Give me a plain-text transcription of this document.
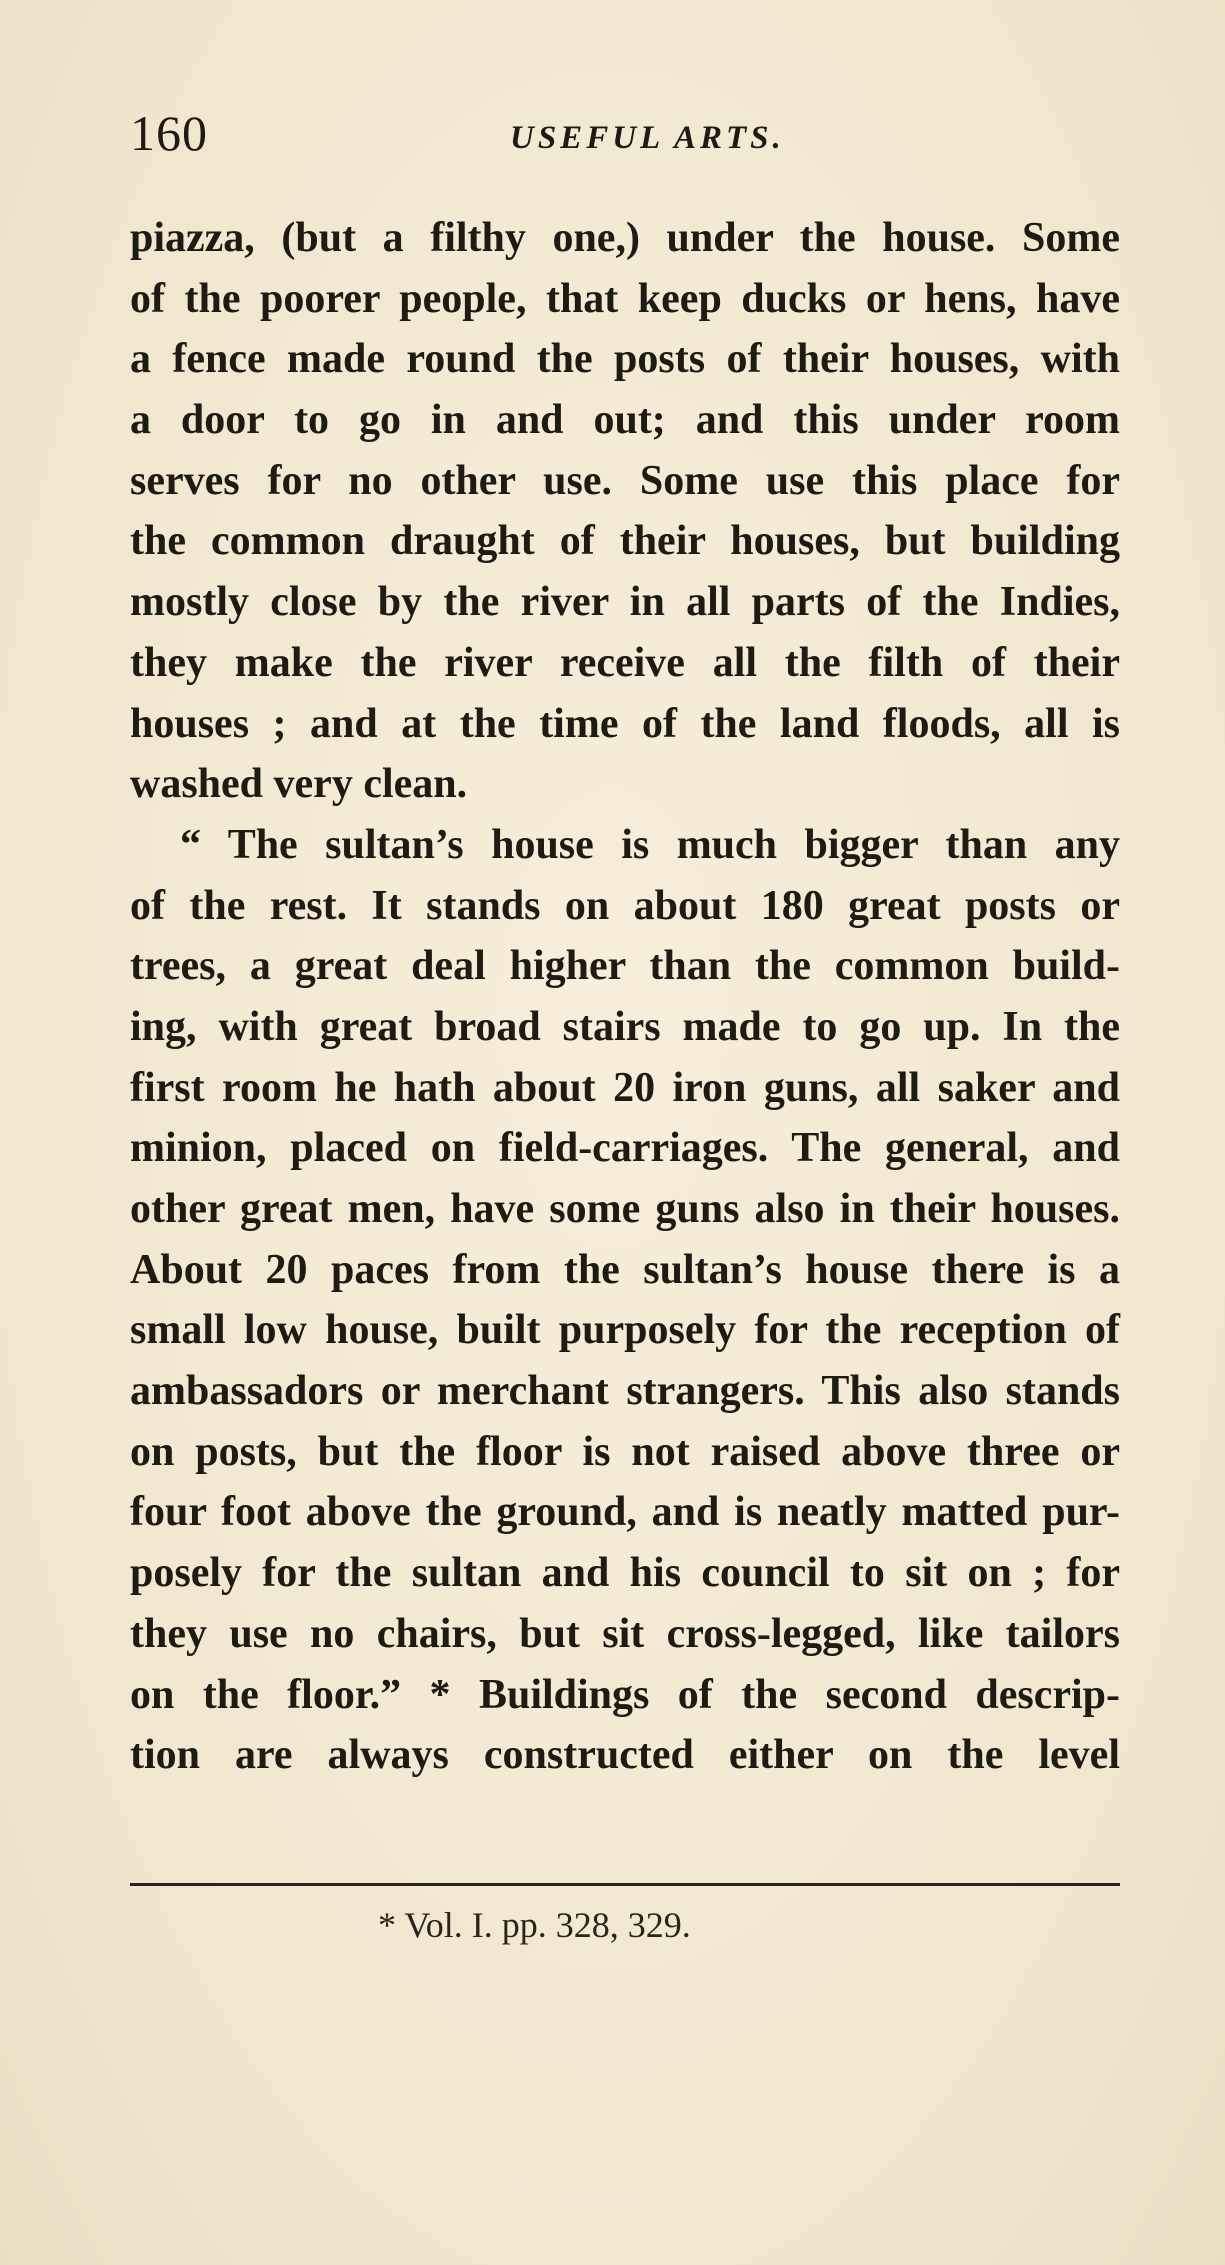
160	USEFUL ARTS.
piazza, (but a filthy one,) under the house. Some
of the poorer people, that keep ducks or hens, have
a fence made round the posts of their houses, with
a door to go in and out; and this under room
serves for no other use. Some use this place for
the common draught of their houses, but building
mostly close by the river in all parts of the Indies,
they make the river receive all the filth of their
houses ; and at the time of the land floods, all is
washed very clean.
“ The sultan’s house is much bigger than any
of the rest. It stands on about 180 great posts or
trees, a great deal higher than the common build-
ing, with great broad stairs made to go up. In the
first room he hath about 20 iron guns, all saker and
minion, placed on field-carriages. The general, and
other great men, have some guns also in their houses.
About 20 paces from the sultan’s house there is a
small low house, built purposely for the reception of
ambassadors or merchant strangers. This also stands
on posts, but the floor is not raised above three or
four foot above the ground, and is neatly matted pur-
posely for the sultan and his council to sit on ; for
they use no chairs, but sit cross-legged, like tailors
on the floor.” * Buildings of the second descrip-
tion are always constructed either on the level
* Vol. I. pp. 328, 329.
